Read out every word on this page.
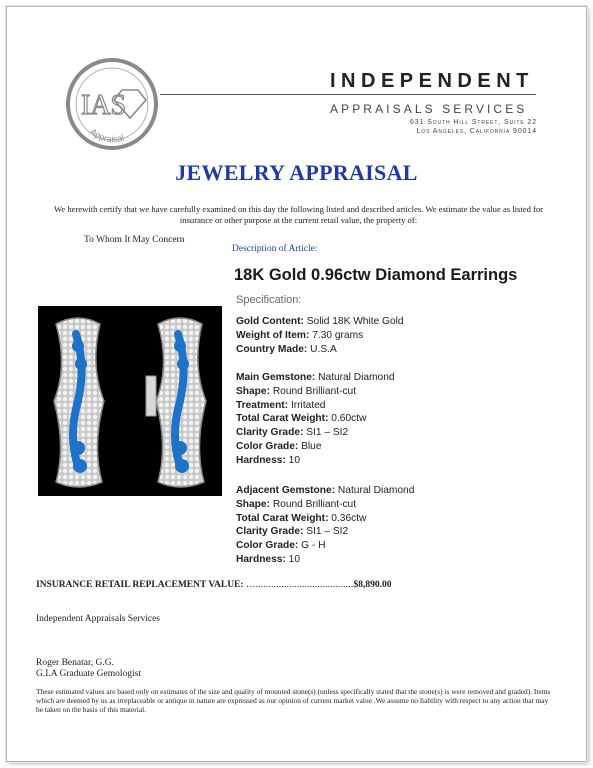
IAS
Appraisal
INDEPENDENT
APPRAISALS SERVICES
631 South Hill Street, Suite 22
Los Angeles, California 90014
JEWELRY APPRAISAL
We herewith certify that we have carefully examined on this day the following listed and described articles. We estimate the value as listed for insurance or other purpose at the current retail value, the property of:
To Whom It May Concern
Description of Article:
18K Gold 0.96ctw Diamond Earrings
Specification:
Gold Content: Solid 18K White Gold
Weight of Item: 7.30 grams
Country Made: U.S.A
Main Gemstone: Natural Diamond
Shape: Round Brilliant-cut
Treatment: Irritated
Total Carat Weight: 0.60ctw
Clarity Grade: SI1 – SI2
Color Grade: Blue
Hardness: 10
Adjacent Gemstone: Natural Diamond
Shape: Round Brilliant-cut
Total Carat Weight: 0.36ctw
Clarity Grade: SI1 – SI2
Color Grade: G - H
Hardness: 10
INSURANCE RETAIL REPLACEMENT VALUE: …......................................$8,890.00
Independent Appraisals Services
Roger Benatar, G.G.
G.I.A Graduate Gemologist
These estimated values are based only on estimates of the size and quality of mounted stone(s) (unless specifically stated that the stone(s) is were removed and graded). Items which are deemed by us as irreplaceable or antique in nature are expressed as our opinion of current market value .We assume no liability with respect to any action that may be taken on the basis of this material.
